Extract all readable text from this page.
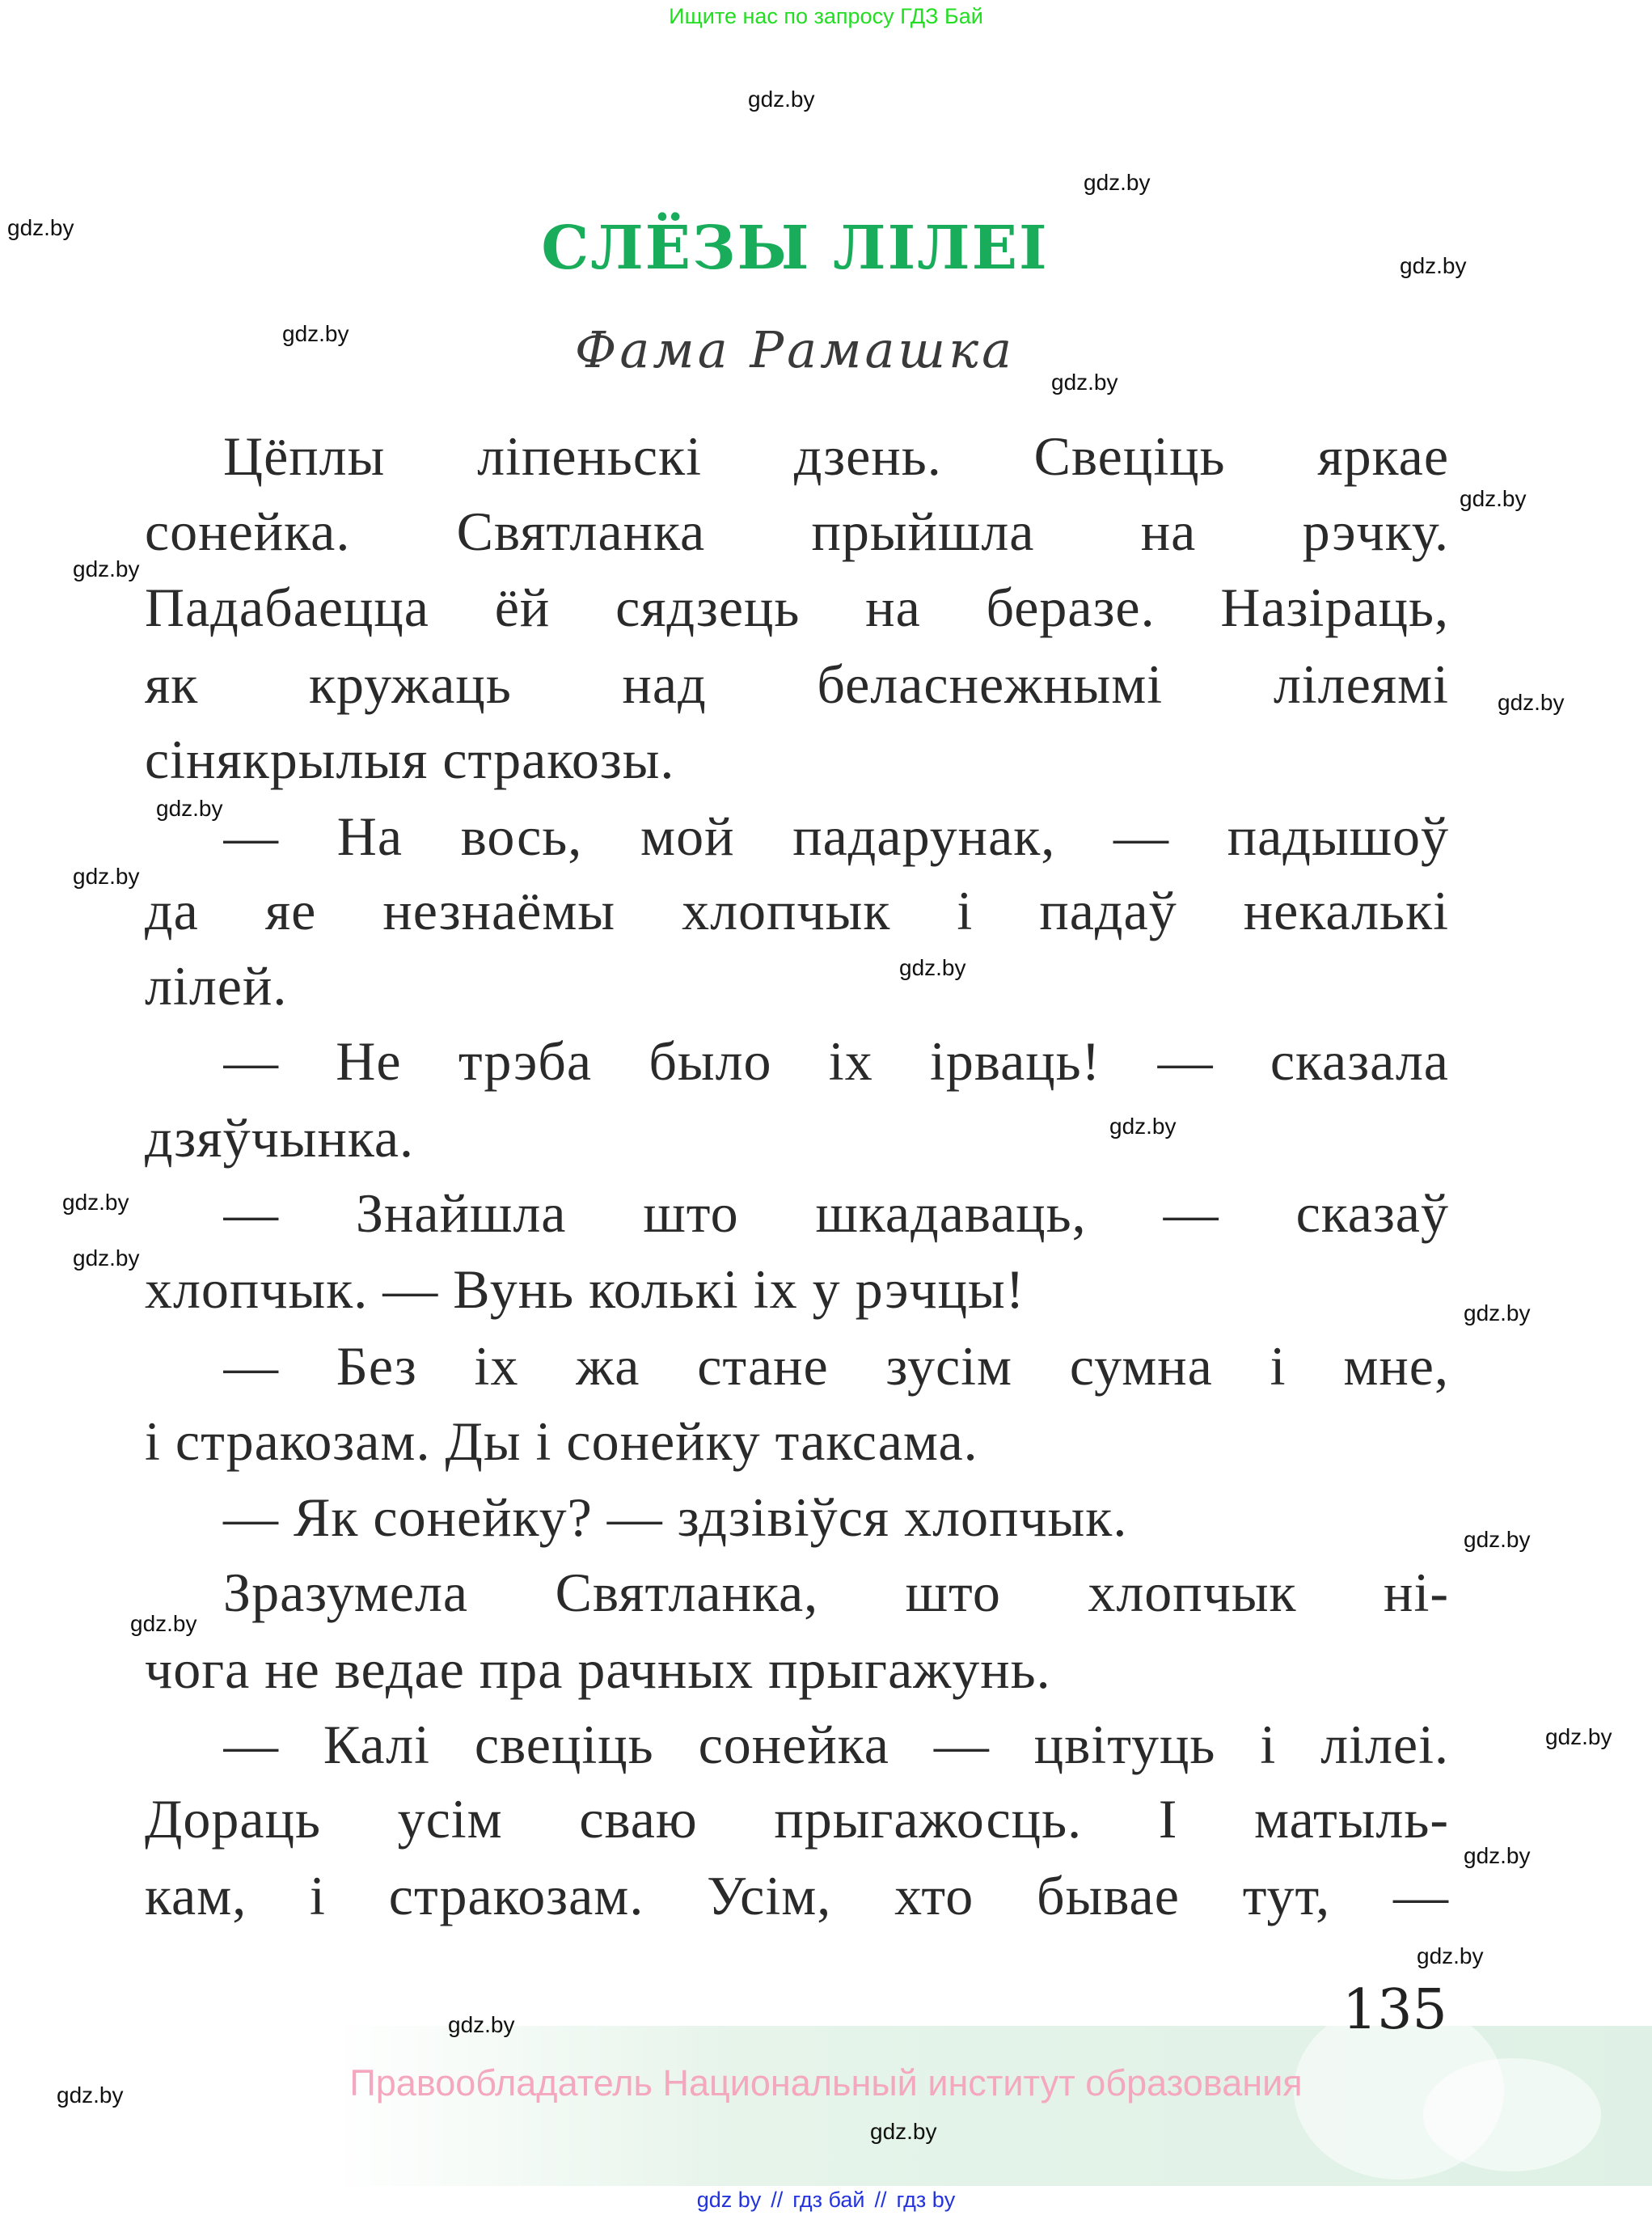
Ищите нас по запросу ГДЗ Бай
СЛЁЗЫ ЛІЛЕІ
Фама Рамашка
Цёплы ліпеньскі дзень. Свеціць яркае
сонейка. Святланка прыйшла на рэчку.
Падабаецца ёй сядзець на беразе. Назіраць,
як кружаць над беласнежнымі лілеямі
сінякрылыя стракозы.
— На вось, мой падарунак, — падышоў
да яе незнаёмы хлопчык і падаў некалькі
лілей.
— Не трэба было іх ірваць! — сказала
дзяўчынка.
— Знайшла што шкадаваць, — сказаў
хлопчык. — Вунь колькі іх у рэчцы!
— Без іх жа стане зусім сумна і мне,
і стракозам. Ды і сонейку таксама.
— Як сонейку? — здзівіўся хлопчык.
Зразумела Святланка, што хлопчык ні-
чога не ведае пра рачных прыгажунь.
— Калі свеціць сонейка — цвітуць і лілеі.
Дораць усім сваю прыгажосць. І матыль-
кам, і стракозам. Усім, хто бывае тут, —
gdz.by
gdz.by
gdz.by
gdz.by
gdz.by
gdz.by
gdz.by
gdz.by
gdz.by
gdz.by
gdz.by
gdz.by
gdz.by
gdz.by
gdz.by
gdz.by
gdz.by
gdz.by
gdz.by
gdz.by
gdz.by
gdz.by
gdz.by
gdz.by
135
Правообладатель Национальный институт образования
gdz by // гдз бай // гдз by
